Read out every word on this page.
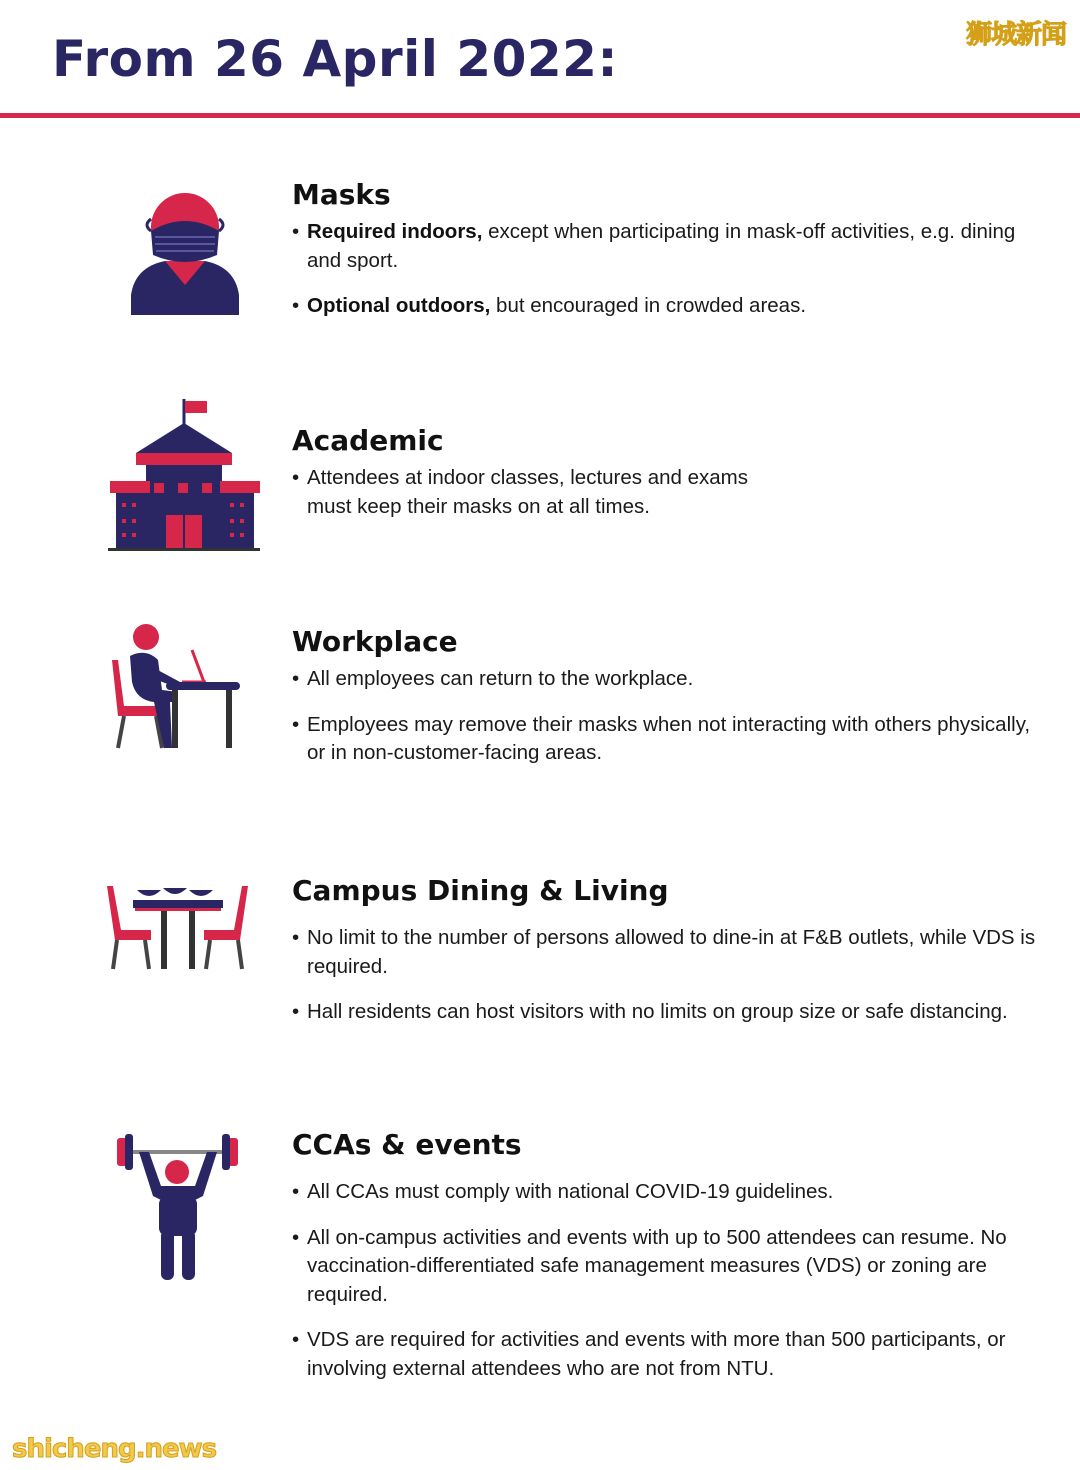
狮城新闻
From 26 April 2022:
Masks
• Required indoors, except when participating in mask-off activities, e.g. dining and sport.
• Optional outdoors, but encouraged in crowded areas.
Academic
• Attendees at indoor classes, lectures and exams must keep their masks on at all times.
Workplace
• All employees can return to the workplace.
• Employees may remove their masks when not interacting with others physically, or in non-customer-facing areas.
Campus Dining & Living
• No limit to the number of persons allowed to dine-in at F&B outlets, while VDS is required.
• Hall residents can host visitors with no limits on group size or safe distancing.
CCAs & events
• All CCAs must comply with national COVID-19 guidelines.
• All on-campus activities and events with up to 500 attendees can resume. No vaccination-differentiated safe management measures (VDS) or zoning are required.
• VDS are required for activities and events with more than 500 participants, or involving external attendees who are not from NTU.
shicheng.news
